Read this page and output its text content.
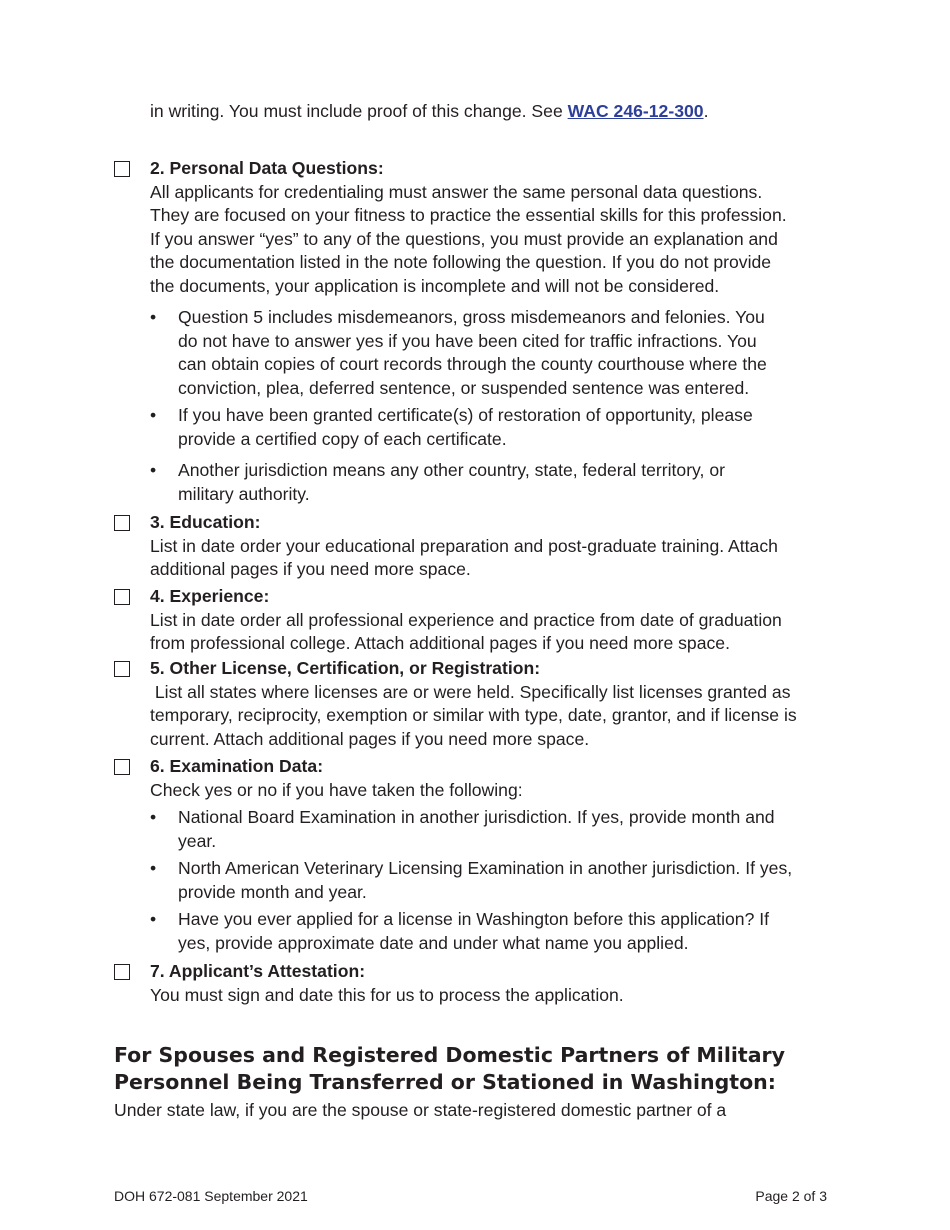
in writing. You must include proof of this change. See WAC 246-12-300.
2. Personal Data Questions:
All applicants for credentialing must answer the same personal data questions.
They are focused on your fitness to practice the essential skills for this profession.
If you answer “yes” to any of the questions, you must provide an explanation and
the documentation listed in the note following the question. If you do not provide
the documents, your application is incomplete and will not be considered.
• Question 5 includes misdemeanors, gross misdemeanors and felonies. You
do not have to answer yes if you have been cited for traffic infractions. You
can obtain copies of court records through the county courthouse where the
conviction, plea, deferred sentence, or suspended sentence was entered.
• If you have been granted certificate(s) of restoration of opportunity, please
provide a certified copy of each certificate.
• Another jurisdiction means any other country, state, federal territory, or
military authority.
3. Education:
List in date order your educational preparation and post-graduate training. Attach
additional pages if you need more space.
4. Experience:
List in date order all professional experience and practice from date of graduation
from professional college. Attach additional pages if you need more space.
5. Other License, Certification, or Registration:
List all states where licenses are or were held. Specifically list licenses granted as
temporary, reciprocity, exemption or similar with type, date, grantor, and if license is
current. Attach additional pages if you need more space.
6. Examination Data:
Check yes or no if you have taken the following:
• National Board Examination in another jurisdiction. If yes, provide month and
year.
• North American Veterinary Licensing Examination in another jurisdiction. If yes,
provide month and year.
• Have you ever applied for a license in Washington before this application? If
yes, provide approximate date and under what name you applied.
7. Applicant’s Attestation:
You must sign and date this for us to process the application.
For Spouses and Registered Domestic Partners of Military
Personnel Being Transferred or Stationed in Washington:
Under state law, if you are the spouse or state-registered domestic partner of a
DOH 672-081 September 2021	Page 2 of 3
